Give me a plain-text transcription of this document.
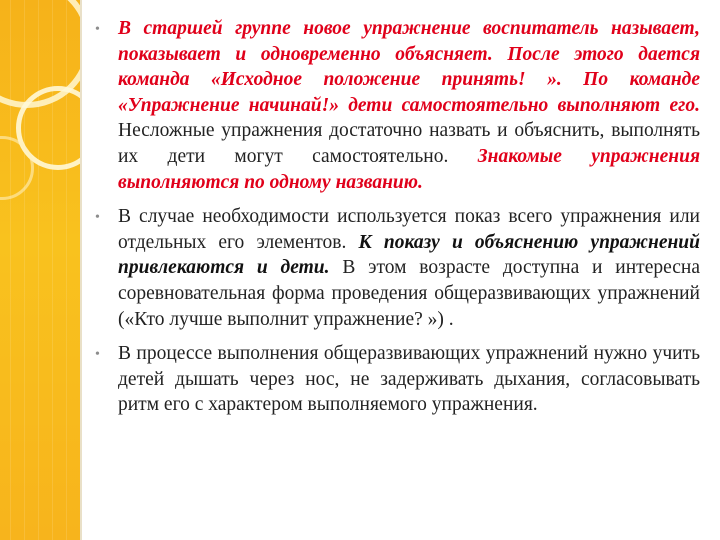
• В старшей группе новое упражнение воспитатель называет, показывает и одновременно объясняет. После этого дается команда «Исходное положение принять! ». По команде «Упражнение начинай!» дети самостоятельно выполняют его. Несложные упражнения достаточно назвать и объяснить, выполнять их дети могут самостоятельно. Знакомые упражнения выполняются по одному названию.
• В случае необходимости используется показ всего упражнения или отдельных его элементов. К показу и объяснению упражнений привлекаются и дети. В этом возрасте доступна и интересна соревновательная форма проведения общеразвивающих упражнений («Кто лучше выполнит упражнение? ») .
• В процессе выполнения общеразвивающих упражнений нужно учить детей дышать через нос, не задерживать дыхания, согласовывать ритм его с характером выполняемого упражнения.
